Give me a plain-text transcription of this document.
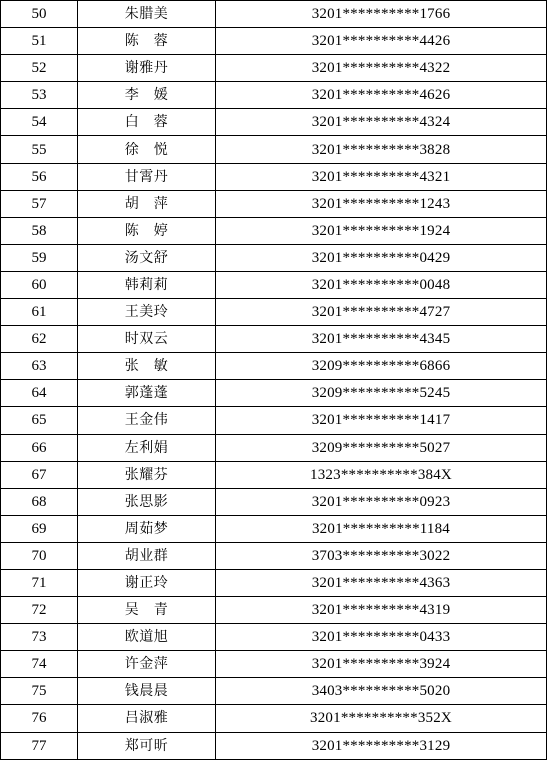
50	朱腊美	3201**********1766
51	陈　蓉	3201**********4426
52	谢雅丹	3201**********4322
53	李　媛	3201**********4626
54	白　蓉	3201**********4324
55	徐　悦	3201**********3828
56	甘霄丹	3201**********4321
57	胡　萍	3201**********1243
58	陈　婷	3201**********1924
59	汤文舒	3201**********0429
60	韩莉莉	3201**********0048
61	王美玲	3201**********4727
62	时双云	3201**********4345
63	张　敏	3209**********6866
64	郭蓬蓬	3209**********5245
65	王金伟	3201**********1417
66	左利娟	3209**********5027
67	张耀芬	1323**********384X
68	张思影	3201**********0923
69	周茹梦	3201**********1184
70	胡业群	3703**********3022
71	谢正玲	3201**********4363
72	吴　青	3201**********4319
73	欧道旭	3201**********0433
74	许金萍	3201**********3924
75	钱晨晨	3403**********5020
76	吕淑雅	3201**********352X
77	郑可昕	3201**********3129
